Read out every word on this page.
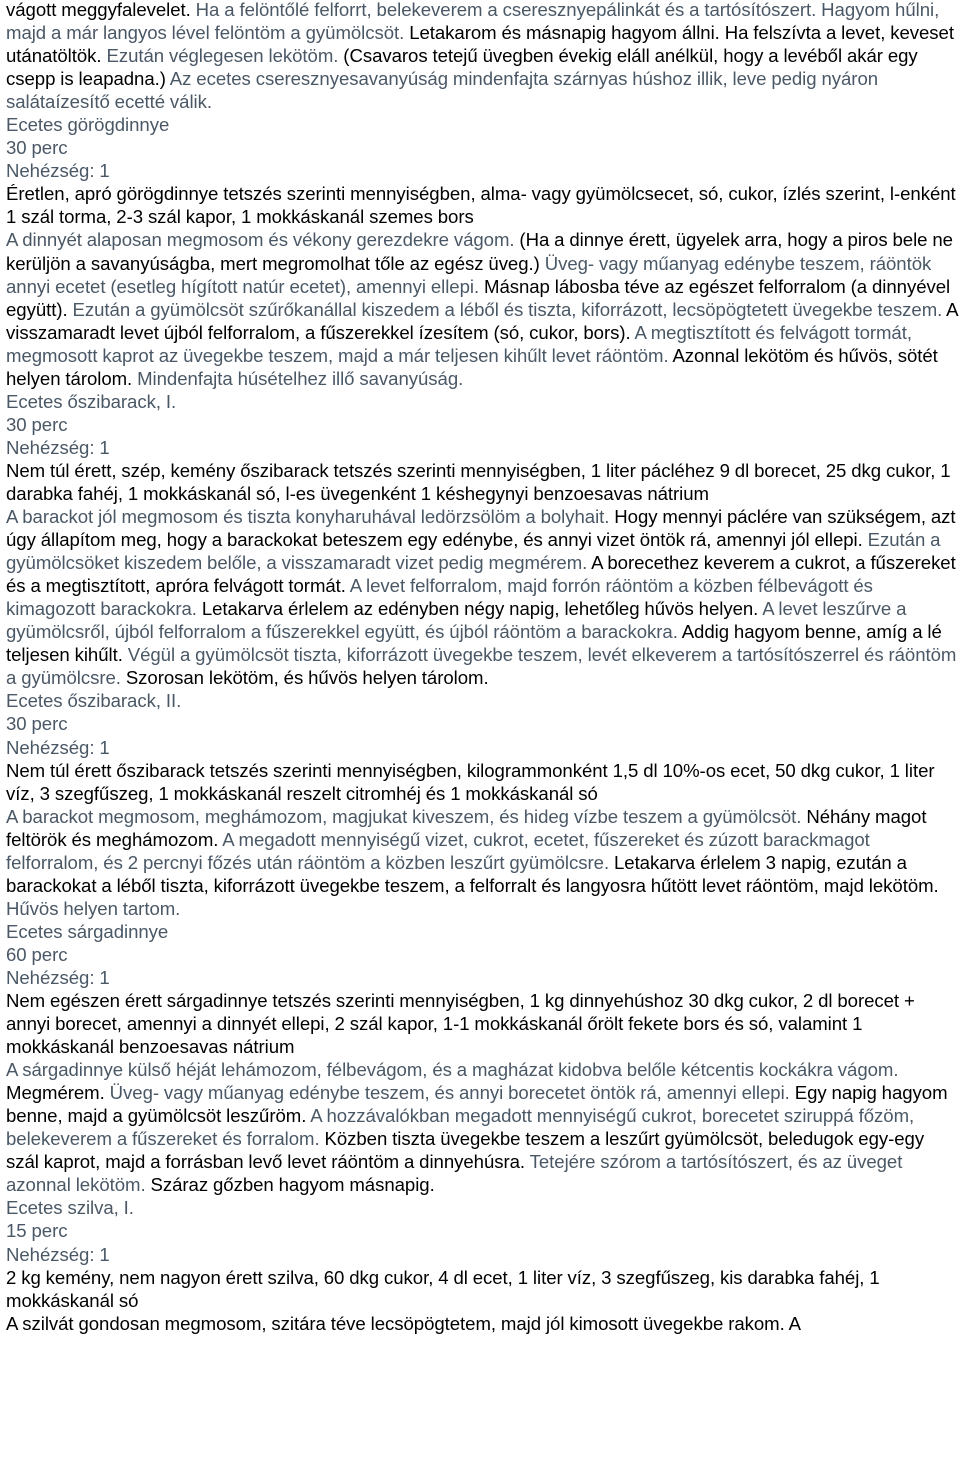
vágott meggyfalevelet. Ha a felöntőlé felforrt, belekeverem a cseresznyepálinkát és a tartósítószert. Hagyom hűlni, majd a már langyos lével felöntöm a gyümölcsöt. Letakarom és másnapig hagyom állni. Ha felszívta a levet, keveset utánatöltök. Ezután véglegesen lekötöm. (Csavaros tetejű üvegben évekig eláll anélkül, hogy a levéből akár egy csepp is leapadna.) Az ecetes cseresznyesavanyúság mindenfajta szárnyas húshoz illik, leve pedig nyáron salátaízesítő ecetté válik.

Ecetes görögdinnye

30 perc

Nehézség: 1

Éretlen, apró görögdinnye tetszés szerinti mennyiségben, alma- vagy gyümölcsecet, só, cukor, ízlés szerint, l-enként 1 szál torma, 2-3 szál kapor, 1 mokkáskanál szemes bors

A dinnyét alaposan megmosom és vékony gerezdekre vágom. (Ha a dinnye érett, ügyelek arra, hogy a piros bele ne kerüljön a savanyúságba, mert megromolhat tőle az egész üveg.) Üveg- vagy műanyag edénybe teszem, ráöntök annyi ecetet (esetleg hígított natúr ecetet), amennyi ellepi. Másnap lábosba téve az egészet felforralom (a dinnyével együtt). Ezután a gyümölcsöt szűrőkanállal kiszedem a léből és tiszta, kiforrázott, lecsöpögtetett üvegekbe teszem. A visszamaradt levet újból felforralom, a fűszerekkel ízesítem (só, cukor, bors). A megtisztított és felvágott tormát, megmosott kaprot az üvegekbe teszem, majd a már teljesen kihűlt levet ráöntöm. Azonnal lekötöm és hűvös, sötét helyen tárolom. Mindenfajta húsételhez illő savanyúság.

Ecetes őszibarack, I.

30 perc

Nehézség: 1

Nem túl érett, szép, kemény őszibarack tetszés szerinti mennyiségben, 1 liter pácléhez 9 dl borecet, 25 dkg cukor, 1 darabka fahéj, 1 mokkáskanál só, l-es üvegenként 1 késhegynyi benzoesavas nátrium

A barackot jól megmosom és tiszta konyharuhával ledörzsölöm a bolyhait. Hogy mennyi páclére van szükségem, azt úgy állapítom meg, hogy a barackokat beteszem egy edénybe, és annyi vizet öntök rá, amennyi jól ellepi. Ezután a gyümölcsöket kiszedem belőle, a visszamaradt vizet pedig megmérem. A borecethez keverem a cukrot, a fűszereket és a megtisztított, apróra felvágott tormát. A levet felforralom, majd forrón ráöntöm a közben félbevágott és kimagozott barackokra. Letakarva érlelem az edényben négy napig, lehetőleg hűvös helyen. A levet leszűrve a gyümölcsről, újból felforralom a fűszerekkel együtt, és újból ráöntöm a barackokra. Addig hagyom benne, amíg a lé teljesen kihűlt. Végül a gyümölcsöt tiszta, kiforrázott üvegekbe teszem, levét elkeverem a tartósítószerrel és ráöntöm a gyümölcsre. Szorosan lekötöm, és hűvös helyen tárolom.

Ecetes őszibarack, II.

30 perc

Nehézség: 1

Nem túl érett őszibarack tetszés szerinti mennyiségben, kilogrammonként 1,5 dl 10%-os ecet, 50 dkg cukor, 1 liter víz, 3 szegfűszeg, 1 mokkáskanál reszelt citromhéj és 1 mokkáskanál só

A barackot megmosom, meghámozom, magjukat kiveszem, és hideg vízbe teszem a gyümölcsöt. Néhány magot feltörök és meghámozom. A megadott mennyiségű vizet, cukrot, ecetet, fűszereket és zúzott barackmagot felforralom, és 2 percnyi főzés után ráöntöm a közben leszűrt gyümölcsre. Letakarva érlelem 3 napig, ezután a barackokat a léből tiszta, kiforrázott üvegekbe teszem, a felforralt és langyosra hűtött levet ráöntöm, majd lekötöm. Hűvös helyen tartom.

Ecetes sárgadinnye

60 perc

Nehézség: 1

Nem egészen érett sárgadinnye tetszés szerinti mennyiségben, 1 kg dinnyehúshoz 30 dkg cukor, 2 dl borecet + annyi borecet, amennyi a dinnyét ellepi, 2 szál kapor, 1-1 mokkáskanál őrölt fekete bors és só, valamint 1 mokkáskanál benzoesavas nátrium

A sárgadinnye külső héját lehámozom, félbevágom, és a magházat kidobva belőle kétcentis kockákra vágom. Megmérem. Üveg- vagy műanyag edénybe teszem, és annyi borecetet öntök rá, amennyi ellepi. Egy napig hagyom benne, majd a gyümölcsöt leszűröm. A hozzávalókban megadott mennyiségű cukrot, borecetet sziruppá főzöm, belekeverem a fűszereket és forralom. Közben tiszta üvegekbe teszem a leszűrt gyümölcsöt, beledugok egy-egy szál kaprot, majd a forrásban levő levet ráöntöm a dinnyehúsra. Tetejére szórom a tartósítószert, és az üveget azonnal lekötöm. Száraz gőzben hagyom másnapig.

Ecetes szilva, I.

15 perc

Nehézség: 1

2 kg kemény, nem nagyon érett szilva, 60 dkg cukor, 4 dl ecet, 1 liter víz, 3 szegfűszeg, kis darabka fahéj, 1 mokkáskanál só

A szilvát gondosan megmosom, szitára téve lecsöpögtetem, majd jól kimosott üvegekbe rakom. A
